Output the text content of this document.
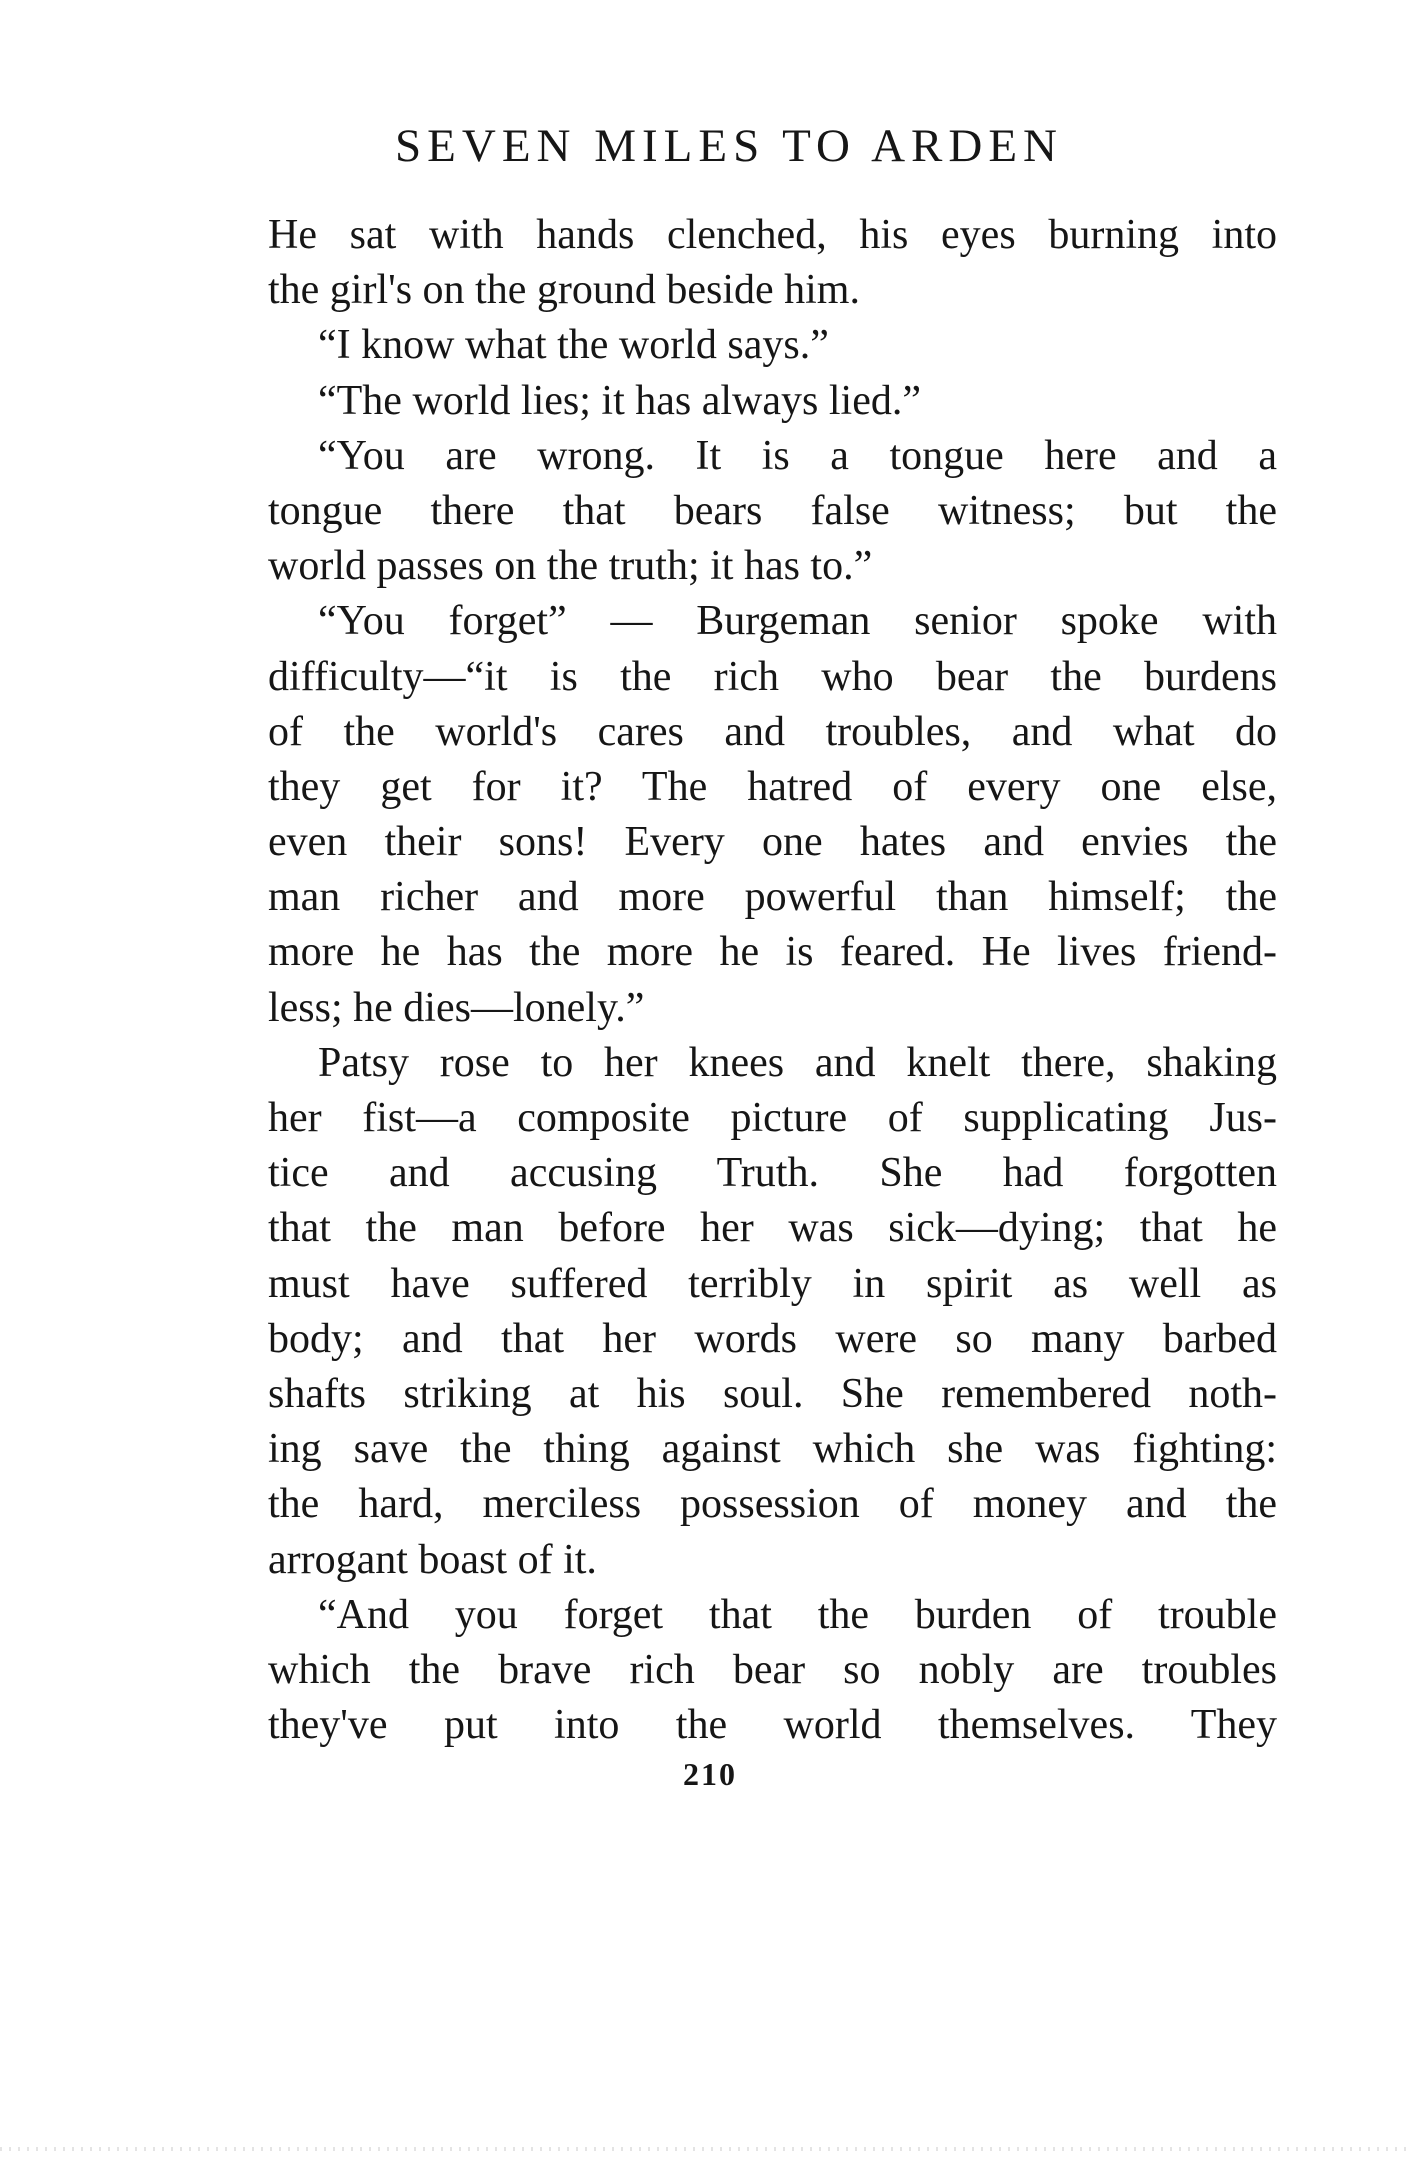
SEVEN MILES TO ARDEN
He sat with hands clenched, his eyes burning into
the girl's on the ground beside him.
“I know what the world says.”
“The world lies; it has always lied.”
“You are wrong. It is a tongue here and a
tongue there that bears false witness; but the
world passes on the truth; it has to.”
“You forget” — Burgeman senior spoke with
difficulty—“it is the rich who bear the burdens
of the world's cares and troubles, and what do
they get for it? The hatred of every one else,
even their sons! Every one hates and envies the
man richer and more powerful than himself; the
more he has the more he is feared. He lives friend-
less; he dies—lonely.”
Patsy rose to her knees and knelt there, shaking
her fist—a composite picture of supplicating Jus-
tice and accusing Truth. She had forgotten
that the man before her was sick—dying; that he
must have suffered terribly in spirit as well as
body; and that her words were so many barbed
shafts striking at his soul. She remembered noth-
ing save the thing against which she was fighting:
the hard, merciless possession of money and the
arrogant boast of it.
“And you forget that the burden of trouble
which the brave rich bear so nobly are troubles
they've put into the world themselves. They
210
